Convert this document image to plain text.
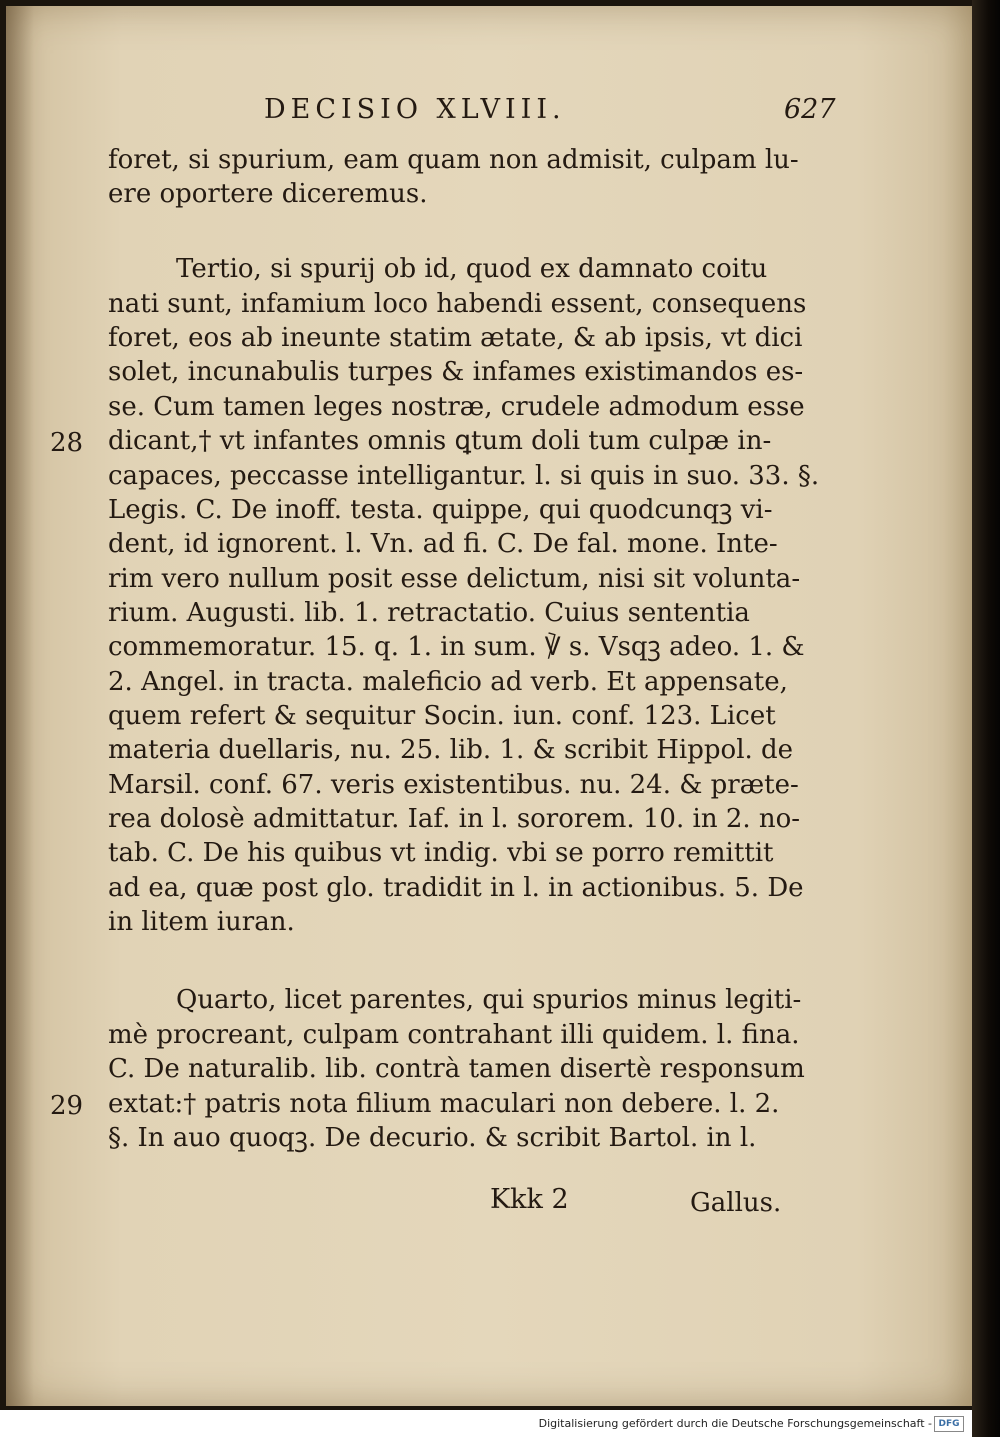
DECISIO XLVIII.	627
foret, si spurium, eam quam non admisit, culpam lu-
ere oportere diceremus.
Tertio, si spurij ob id, quod ex damnato coitu
nati sunt, infamium loco habendi essent, consequens
foret, eos ab ineunte statim ætate, & ab ipsis, vt dici
solet, incunabulis turpes & infames existimandos es-
se. Cum tamen leges nostræ, crudele admodum esse
28 dicant,† vt infantes omnis ꝗtum doli tum culpæ in-
capaces, peccasse intelligantur. l. si quis in suo. 33. §.
Legis. C. De inoff. testa. quippe, qui quodcunqꝫ vi-
dent, id ignorent. l. Vn. ad fi. C. De fal. mone. Inte-
rim vero nullum posit esse delictum, nisi sit volunta-
rium. Augusti. lib. 1. retractatio. Cuius sententia
commemoratur. 15. q. 1. in sum. ℣ s. Vsqꝫ adeo. 1. &
2. Angel. in tracta. maleficio ad verb. Et appensate,
quem refert & sequitur Socin. iun. conf. 123. Licet
materia duellaris, nu. 25. lib. 1. & scribit Hippol. de
Marsil. conf. 67. veris existentibus. nu. 24. & præte-
rea dolosè admittatur. Iaf. in l. sororem. 10. in 2. no-
tab. C. De his quibus vt indig. vbi se porro remittit
ad ea, quæ post glo. tradidit in l. in actionibus. 5. De
in litem iuran.
Quarto, licet parentes, qui spurios minus legiti-
mè procreant, culpam contrahant illi quidem. l. fina.
C. De naturalib. lib. contrà tamen disertè responsum
29 extat:† patris nota filium maculari non debere. l. 2.
§. In auo quoqꝫ. De decurio. & scribit Bartol. in l.
Kkk 2	Gallus.
Digitalisierung gefördert durch die Deutsche Forschungsgemeinschaft - DFG
